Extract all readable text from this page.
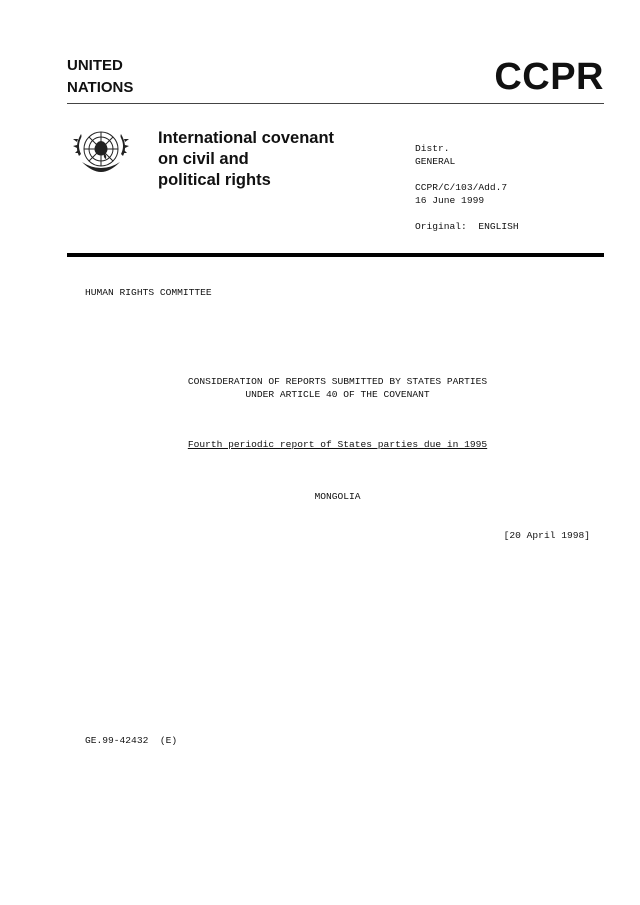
UNITED
NATIONS	CCPR
International covenant
on civil and
political rights
Distr.
GENERAL
CCPR/C/103/Add.7
16 June 1999
Original:  ENGLISH
HUMAN RIGHTS COMMITTEE
CONSIDERATION OF REPORTS SUBMITTED BY STATES PARTIES
UNDER ARTICLE 40 OF THE COVENANT
Fourth periodic report of States parties due in 1995
MONGOLIA
[20 April 1998]
GE.99-42432  (E)
